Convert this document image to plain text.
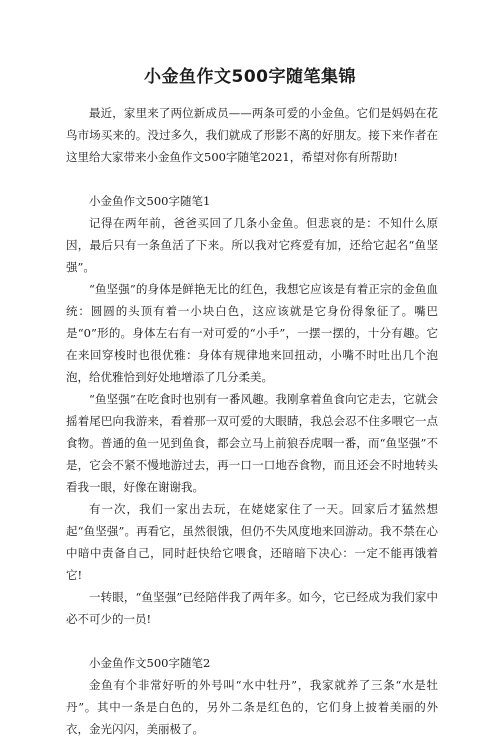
小金鱼作文500字随笔集锦

最近，家里来了两位新成员——两条可爱的小金鱼。它们是妈妈在花鸟市场买来的。没过多久，我们就成了形影不离的好朋友。接下来作者在这里给大家带来小金鱼作文500字随笔2021，希望对你有所帮助!

小金鱼作文500字随笔1

记得在两年前，爸爸买回了几条小金鱼。但悲哀的是：不知什么原因，最后只有一条鱼活了下来。所以我对它疼爱有加，还给它起名“鱼坚强”。

“鱼坚强”的身体是鲜艳无比的红色，我想它应该是有着正宗的金鱼血统：圆圆的头顶有着一小块白色，这应该就是它身份得象征了。嘴巴是“0”形的。身体左右有一对可爱的“小手”，一摆一摆的，十分有趣。它在来回穿梭时也很优雅：身体有规律地来回扭动，小嘴不时吐出几个泡泡，给优雅恰到好处地增添了几分柔美。

“鱼坚强”在吃食时也别有一番风趣。我刚拿着鱼食向它走去，它就会摇着尾巴向我游来，看着那一双可爱的大眼睛，我总会忍不住多喂它一点食物。普通的鱼一见到鱼食，都会立马上前狼吞虎咽一番，而“鱼坚强”不是，它会不紧不慢地游过去，再一口一口地吞食物，而且还会不时地转头看我一眼，好像在谢谢我。

有一次，我们一家出去玩，在姥姥家住了一天。回家后才猛然想起“鱼坚强”。再看它，虽然很饿，但仍不失风度地来回游动。我不禁在心中暗中责备自己，同时赶快给它喂食，还暗暗下决心：一定不能再饿着它!

一转眼，“鱼坚强”已经陪伴我了两年多。如今，它已经成为我们家中必不可少的一员!

小金鱼作文500字随笔2

金鱼有个非常好听的外号叫“水中牡丹”，我家就养了三条“水是牡丹”。其中一条是白色的，另外二条是红色的，它们身上披着美丽的外衣，金光闪闪，美丽极了。
